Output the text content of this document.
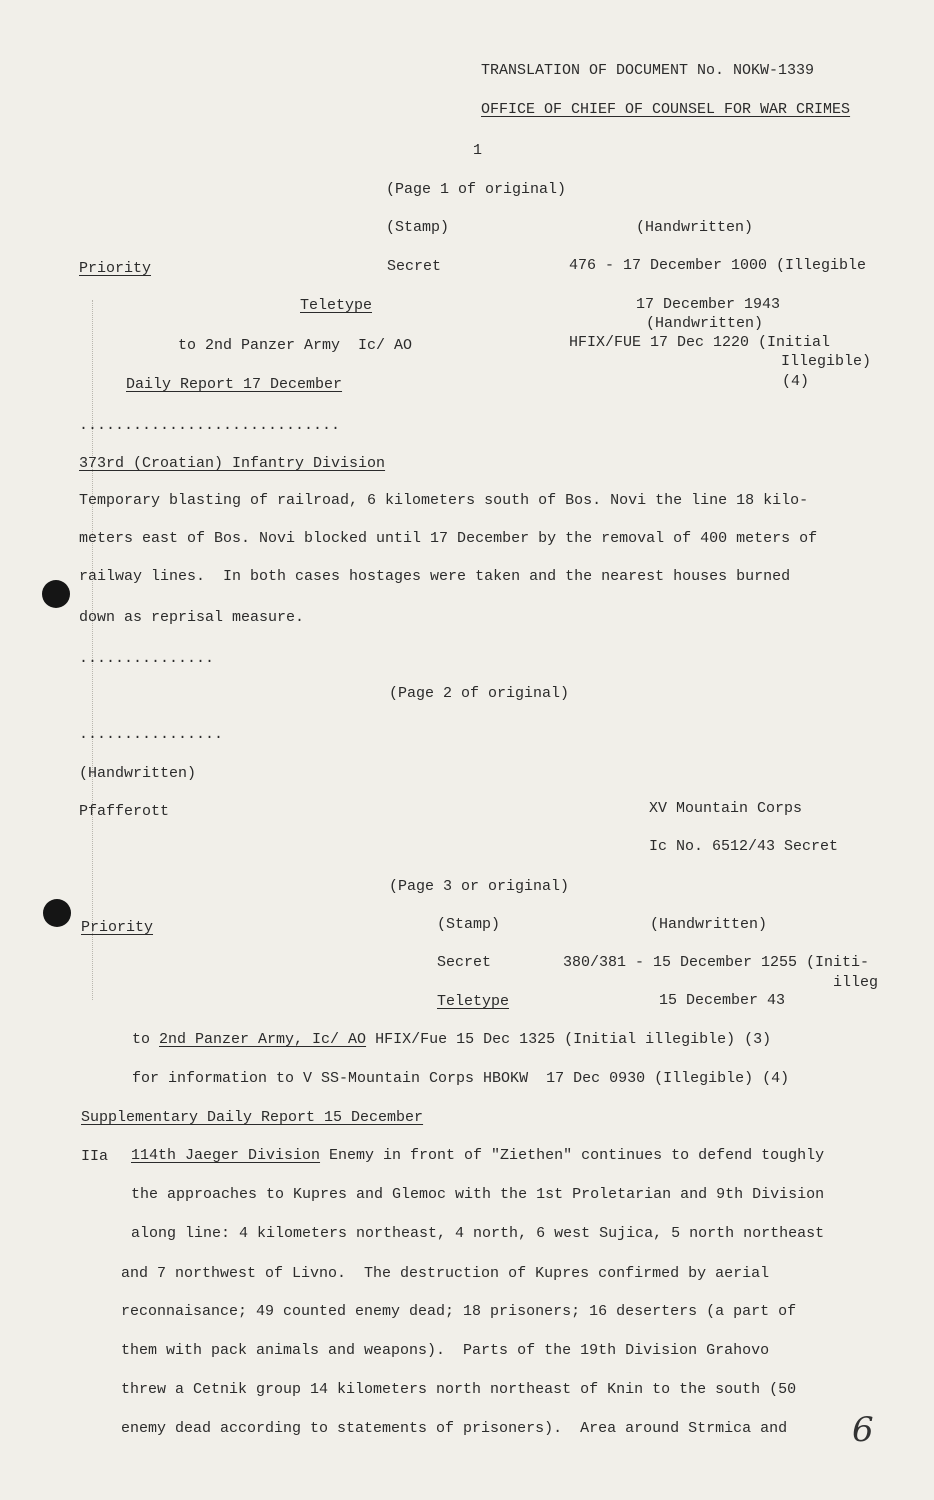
TRANSLATION OF DOCUMENT No. NOKW-1339
OFFICE OF CHIEF OF COUNSEL FOR WAR CRIMES
1
(Page 1 of original)
(Stamp)	(Handwritten)
Priority	Secret	476 - 17 December 1000 (Illegible
Teletype	17 December 1943
(Handwritten)
to 2nd Panzer Army  Ic/ AO	HFIX/FUE 17 Dec 1220 (Initial
Illegible)
Daily Report 17 December	(4)
.............................
373rd (Croatian) Infantry Division
Temporary blasting of railroad, 6 kilometers south of Bos. Novi the line 18 kilo-
meters east of Bos. Novi blocked until 17 December by the removal of 400 meters of
railway lines.  In both cases hostages were taken and the nearest houses burned
down as reprisal measure.
...............
(Page 2 of original)
................
(Handwritten)
Pfafferott	XV Mountain Corps
Ic No. 6512/43 Secret
(Page 3 or original)
Priority	(Stamp)	(Handwritten)
Secret	380/381 - 15 December 1255 (Initi-
illeg
Teletype	15 December 43
to 2nd Panzer Army, Ic/ AO HFIX/Fue 15 Dec 1325 (Initial illegible) (3)
for information to V SS-Mountain Corps HBOKW  17 Dec 0930 (Illegible) (4)
Supplementary Daily Report 15 December
IIa 114th Jaeger Division Enemy in front of "Ziethen" continues to defend toughly
the approaches to Kupres and Glemoc with the 1st Proletarian and 9th Division
along line: 4 kilometers northeast, 4 north, 6 west Sujica, 5 north northeast
and 7 northwest of Livno.  The destruction of Kupres confirmed by aerial
reconnaisance; 49 counted enemy dead; 18 prisoners; 16 deserters (a part of
them with pack animals and weapons).  Parts of the 19th Division Grahovo
threw a Cetnik group 14 kilometers north northeast of Knin to the south (50
enemy dead according to statements of prisoners).  Area around Strmica and 6
